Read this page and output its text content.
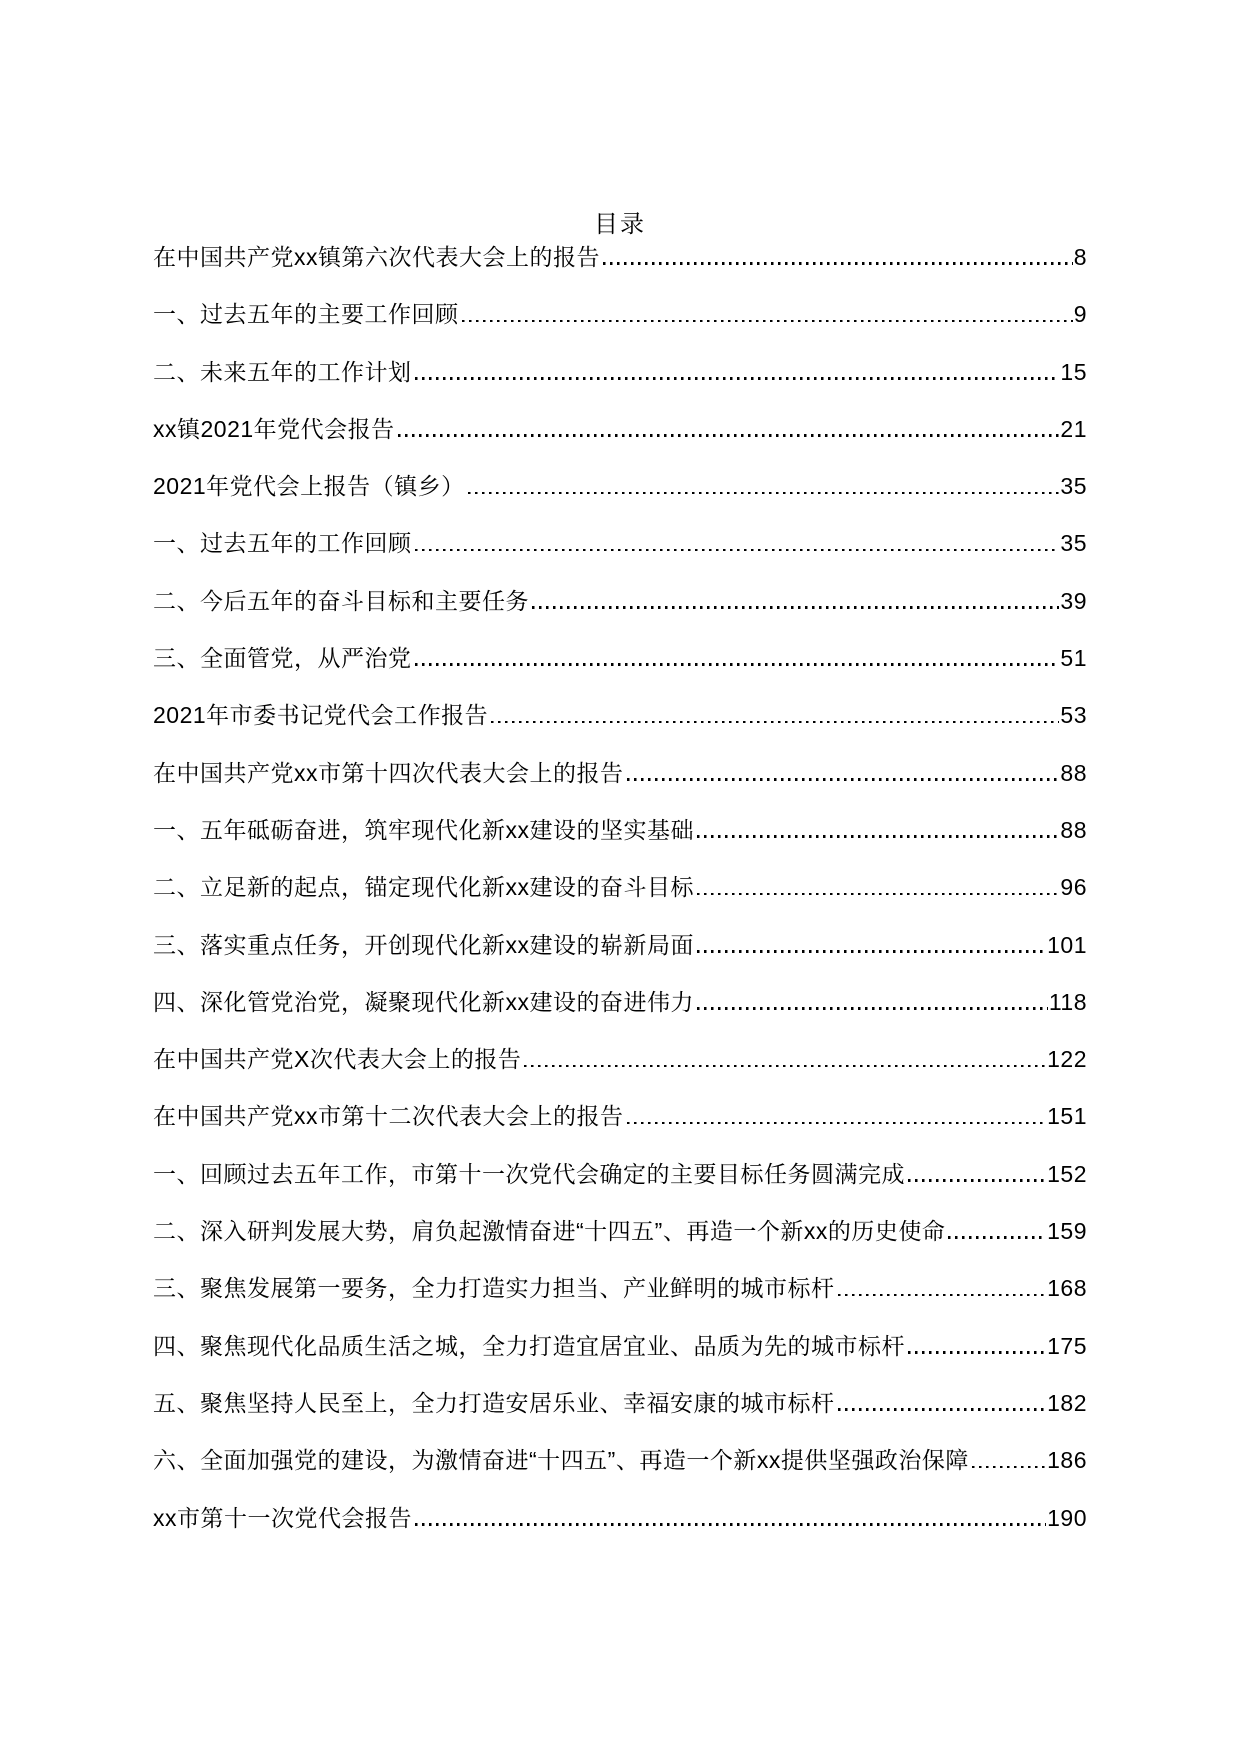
目录
在中国共产党xx镇第六次代表大会上的报告	8
一、过去五年的主要工作回顾	9
二、未来五年的工作计划	15
xx镇2021年党代会报告	21
2021年党代会上报告（镇乡）	35
一、过去五年的工作回顾	35
二、今后五年的奋斗目标和主要任务	39
三、全面管党，从严治党	51
2021年市委书记党代会工作报告	53
在中国共产党xx市第十四次代表大会上的报告	88
一、五年砥砺奋进，筑牢现代化新xx建设的坚实基础	88
二、立足新的起点，锚定现代化新xx建设的奋斗目标	96
三、落实重点任务，开创现代化新xx建设的崭新局面	101
四、深化管党治党，凝聚现代化新xx建设的奋进伟力	118
在中国共产党X次代表大会上的报告	122
在中国共产党xx市第十二次代表大会上的报告	151
一、回顾过去五年工作，市第十一次党代会确定的主要目标任务圆满完成	152
二、深入研判发展大势，肩负起激情奋进“十四五”、再造一个新xx的历史使命	159
三、聚焦发展第一要务，全力打造实力担当、产业鲜明的城市标杆	168
四、聚焦现代化品质生活之城，全力打造宜居宜业、品质为先的城市标杆	175
五、聚焦坚持人民至上，全力打造安居乐业、幸福安康的城市标杆	182
六、全面加强党的建设，为激情奋进“十四五”、再造一个新xx提供坚强政治保障	186
xx市第十一次党代会报告	190
